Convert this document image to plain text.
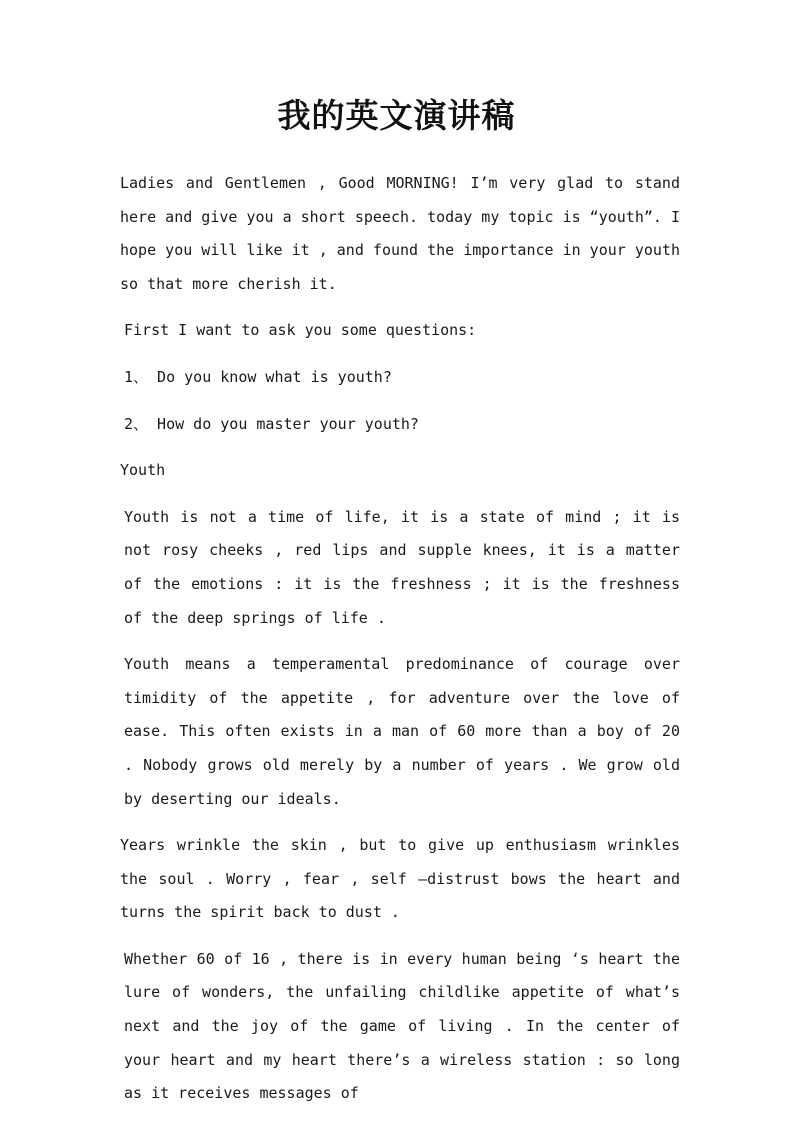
我的英文演讲稿

Ladies and Gentlemen , Good MORNING! I’m very glad to stand here and give you a short speech. today my topic is “youth”. I hope you will like it , and found the importance in your youth so that more cherish it.

First I want to ask you some questions:

1、 Do you know what is youth?

2、 How do you master your youth?

Youth

Youth is not a time of life, it is a state of mind ; it is not rosy cheeks , red lips and supple knees, it is a matter of the emotions : it is the freshness ; it is the freshness of the deep springs of life .

Youth means a temperamental predominance of courage over timidity of the appetite , for adventure over the love of ease. This often exists in a man of 60 more than a boy of 20 . Nobody grows old merely by a number of years . We grow old by deserting our ideals.

Years wrinkle the skin , but to give up enthusiasm wrinkles the soul . Worry , fear , self –distrust bows the heart and turns the spirit back to dust .

Whether 60 of 16 , there is in every human being ‘s heart the lure of wonders, the unfailing childlike appetite of what’s next and the joy of the game of living . In the center of your heart and my heart there’s a wireless station : so long as it receives messages of
